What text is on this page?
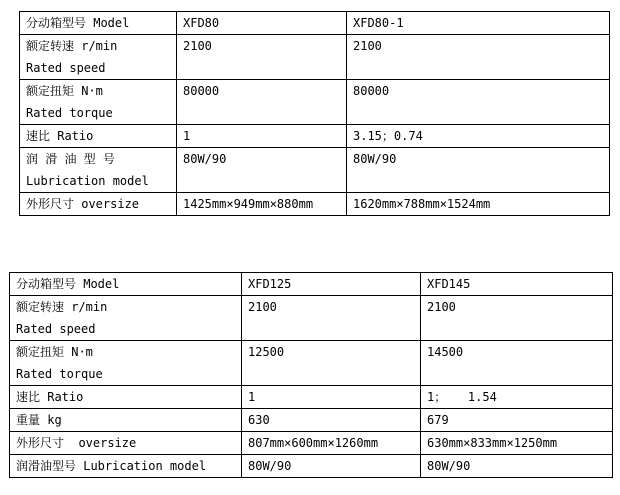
分动箱型号 Model	XFD80	XFD80-1

额定转速 r/min
Rated speed	2100	2100

额定扭矩 N·m
Rated torque	80000	80000
速比 Ratio	1	3.15；0.74

润 滑 油 型 号
Lubrication model	80W/90	80W/90
外形尺寸 oversize	1425mm×949mm×880mm	1620mm×788mm×1524mm
分动箱型号 Model	XFD125	XFD145

额定转速 r/min
Rated speed	2100	2100

额定扭矩 N·m
Rated torque	12500	14500
速比 Ratio	1	1；   1.54
重量 kg	630	679
外形尺寸  oversize	807mm×600mm×1260mm	630mm×833mm×1250mm
润滑油型号 Lubrication model	80W/90	80W/90
